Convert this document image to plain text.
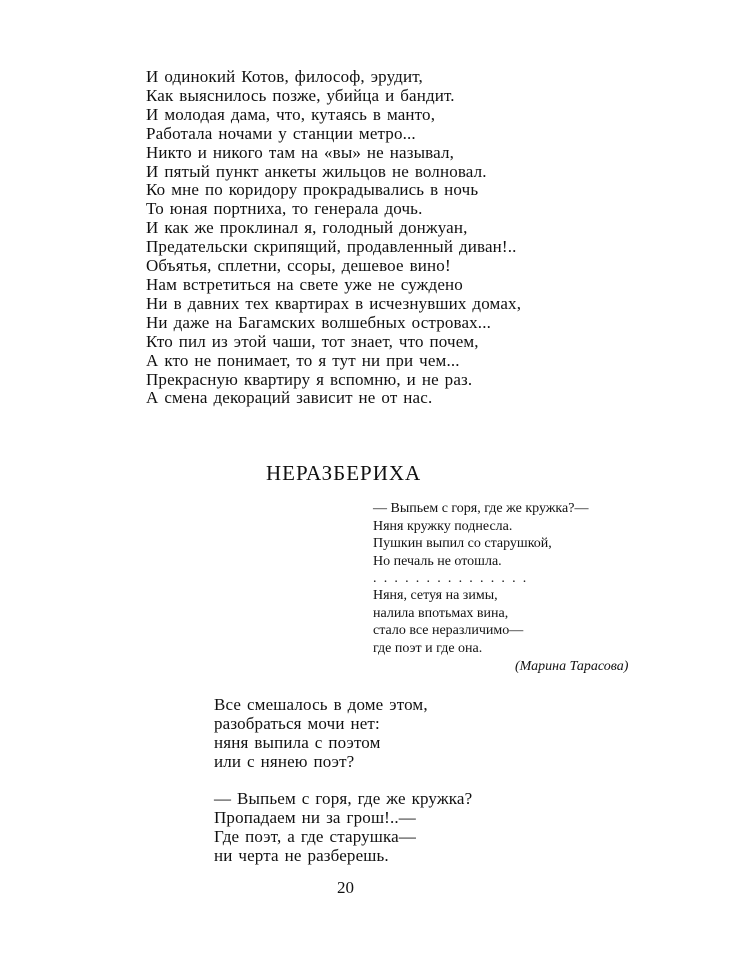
И одинокий Котов, философ, эрудит,
Как выяснилось позже, убийца и бандит.
И молодая дама, что, кутаясь в манто,
Работала ночами у станции метро...
Никто и никого там на «вы» не называл,
И пятый пункт анкеты жильцов не волновал.
Ко мне по коридору прокрадывались в ночь
То юная портниха, то генерала дочь.
И как же проклинал я, голодный донжуан,
Предательски скрипящий, продавленный диван!..
Объятья, сплетни, ссоры, дешевое вино!
Нам встретиться на свете уже не суждено
Ни в давних тех квартирах в исчезнувших домах,
Ни даже на Багамских волшебных островах...
Кто пил из этой чаши, тот знает, что почем,
А кто не понимает, то я тут ни при чем...
Прекрасную квартиру я вспомню, и не раз.
А смена декораций зависит не от нас.
НЕРАЗБЕРИХА
— Выпьем с горя, где же кружка?—
Няня кружку поднесла.
Пушкин выпил со старушкой,
Но печаль не отошла.
...............
Няня, сетуя на зимы,
налила впотьмах вина,
стало все неразличимо—
где поэт и где она.
(Марина Тарасова)
Все смешалось в доме этом,
разобраться мочи нет:
няня выпила с поэтом
или с нянею поэт?
— Выпьем с горя, где же кружка?
Пропадаем ни за грош!..—
Где поэт, а где старушка—
ни черта не разберешь.
20
